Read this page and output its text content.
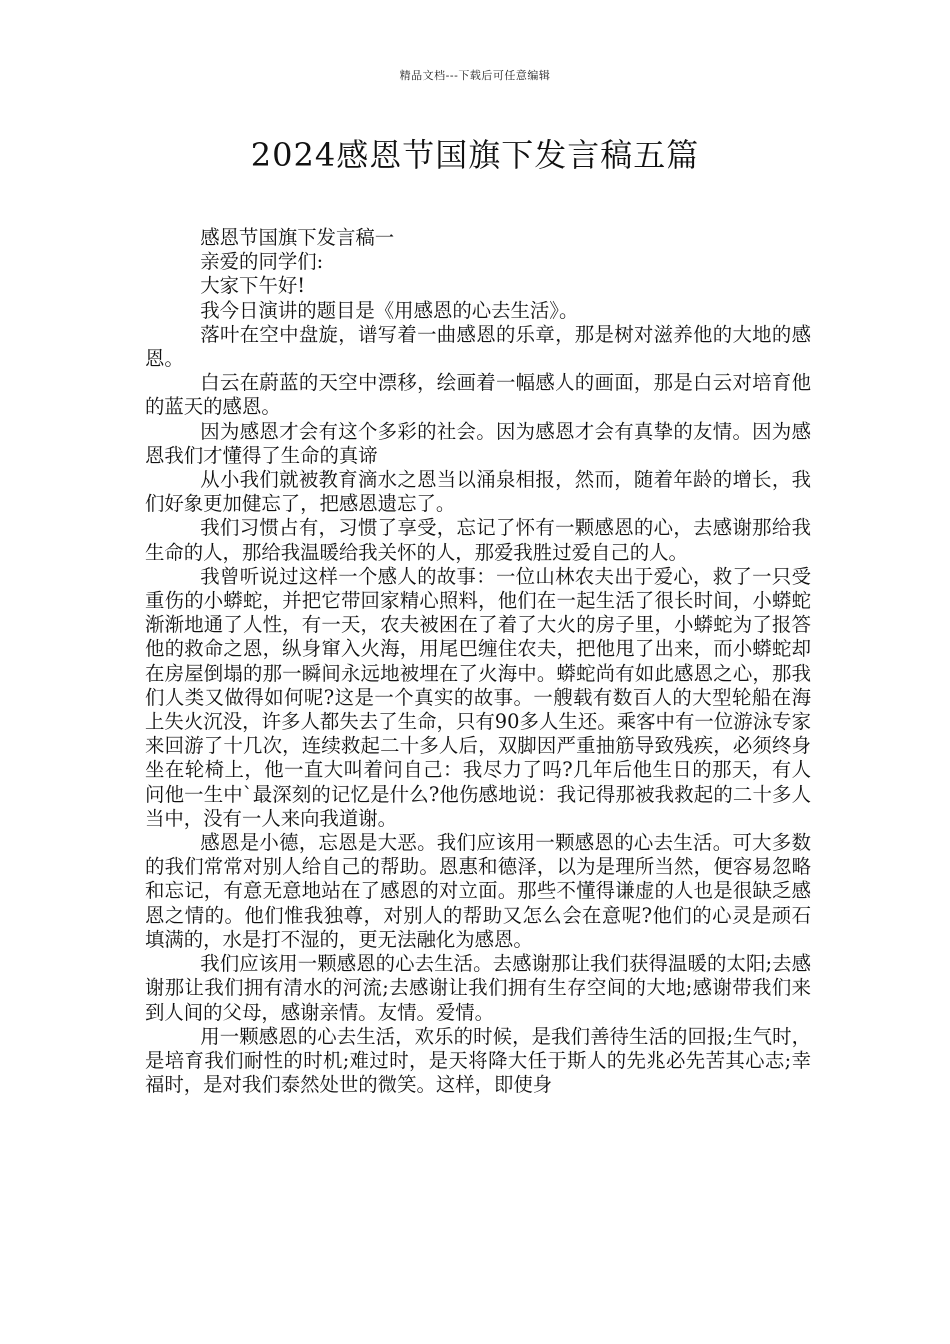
精品文档---下载后可任意编辑
2024感恩节国旗下发言稿五篇

感恩节国旗下发言稿一

亲爱的同学们:

大家下午好!

我今日演讲的题目是《用感恩的心去生活》。

落叶在空中盘旋，谱写着一曲感恩的乐章，那是树对滋养他的大地的感恩。

白云在蔚蓝的天空中漂移，绘画着一幅感人的画面，那是白云对培育他的蓝天的感恩。

因为感恩才会有这个多彩的社会。因为感恩才会有真挚的友情。因为感恩我们才懂得了生命的真谛

从小我们就被教育滴水之恩当以涌泉相报，然而，随着年龄的增长，我们好象更加健忘了，把感恩遗忘了。

我们习惯占有，习惯了享受，忘记了怀有一颗感恩的心，去感谢那给我生命的人，那给我温暖给我关怀的人，那爱我胜过爱自己的人。

我曾听说过这样一个感人的故事：一位山林农夫出于爱心，救了一只受重伤的小蟒蛇，并把它带回家精心照料，他们在一起生活了很长时间，小蟒蛇渐渐地通了人性，有一天，农夫被困在了着了大火的房子里，小蟒蛇为了报答他的救命之恩，纵身窜入火海，用尾巴缠住农夫，把他甩了出来，而小蟒蛇却在房屋倒塌的那一瞬间永远地被埋在了火海中。蟒蛇尚有如此感恩之心，那我们人类又做得如何呢?这是一个真实的故事。一艘载有数百人的大型轮船在海上失火沉没，许多人都失去了生命，只有90多人生还。乘客中有一位游泳专家来回游了十几次，连续救起二十多人后，双脚因严重抽筋导致残疾，必须终身坐在轮椅上，他一直大叫着问自己：我尽力了吗?几年后他生日的那天，有人问他一生中`最深刻的记忆是什么?他伤感地说：我记得那被我救起的二十多人当中，没有一人来向我道谢。

感恩是小德，忘恩是大恶。我们应该用一颗感恩的心去生活。可大多数的我们常常对别人给自己的帮助。恩惠和德泽，以为是理所当然，便容易忽略和忘记，有意无意地站在了感恩的对立面。那些不懂得谦虚的人也是很缺乏感恩之情的。他们惟我独尊，对别人的帮助又怎么会在意呢?他们的心灵是顽石填满的，水是打不湿的，更无法融化为感恩。

我们应该用一颗感恩的心去生活。去感谢那让我们获得温暖的太阳;去感谢那让我们拥有清水的河流;去感谢让我们拥有生存空间的大地;感谢带我们来到人间的父母，感谢亲情。友情。爱情。

用一颗感恩的心去生活，欢乐的时候，是我们善待生活的回报;生气时，是培育我们耐性的时机;难过时，是天将降大任于斯人的先兆必先苦其心志;幸福时，是对我们泰然处世的微笑。这样，即使身
